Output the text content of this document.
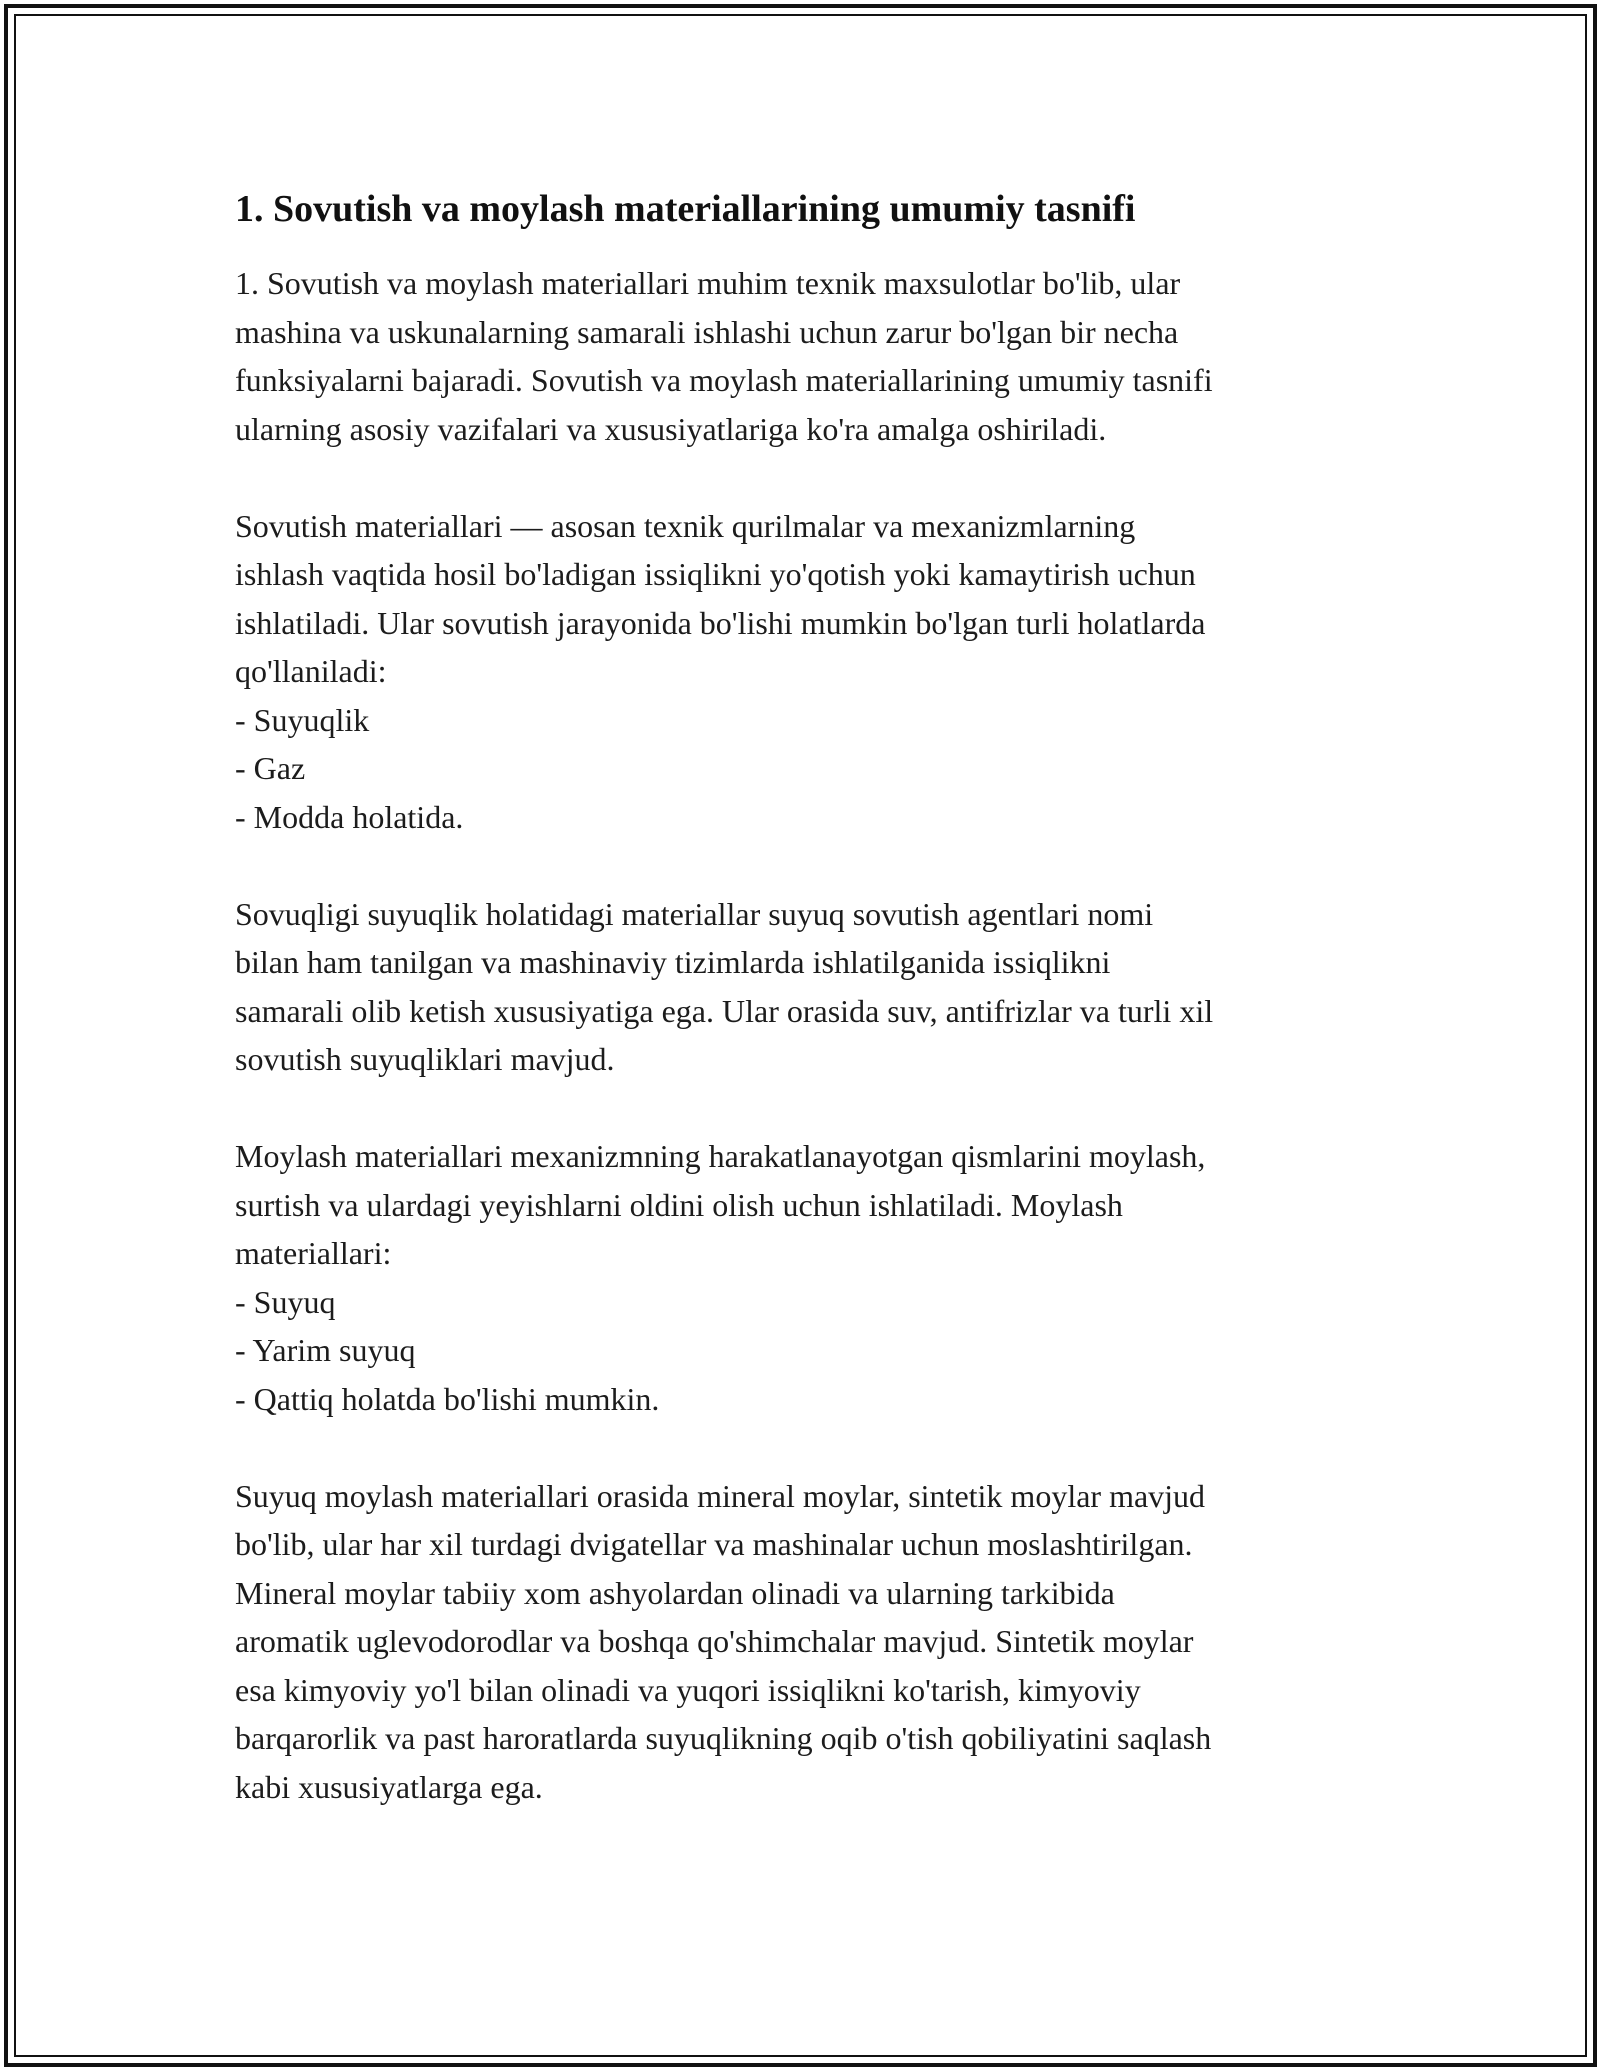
1. Sovutish va moylash materiallarining umumiy tasnifi

1. Sovutish va moylash materiallari muhim texnik maxsulotlar bo'lib, ular
mashina va uskunalarning samarali ishlashi uchun zarur bo'lgan bir necha
funksiyalarni bajaradi. Sovutish va moylash materiallarining umumiy tasnifi
ularning asosiy vazifalari va xususiyatlariga ko'ra amalga oshiriladi.

Sovutish materiallari — asosan texnik qurilmalar va mexanizmlarning
ishlash vaqtida hosil bo'ladigan issiqlikni yo'qotish yoki kamaytirish uchun
ishlatiladi. Ular sovutish jarayonida bo'lishi mumkin bo'lgan turli holatlarda
qo'llaniladi:
- Suyuqlik
- Gaz
- Modda holatida.

Sovuqligi suyuqlik holatidagi materiallar suyuq sovutish agentlari nomi
bilan ham tanilgan va mashinaviy tizimlarda ishlatilganida issiqlikni
samarali olib ketish xususiyatiga ega. Ular orasida suv, antifrizlar va turli xil
sovutish suyuqliklari mavjud.

Moylash materiallari mexanizmning harakatlanayotgan qismlarini moylash,
surtish va ulardagi yeyishlarni oldini olish uchun ishlatiladi. Moylash
materiallari:
- Suyuq
- Yarim suyuq
- Qattiq holatda bo'lishi mumkin.

Suyuq moylash materiallari orasida mineral moylar, sintetik moylar mavjud
bo'lib, ular har xil turdagi dvigatellar va mashinalar uchun moslashtirilgan.
Mineral moylar tabiiy xom ashyolardan olinadi va ularning tarkibida
aromatik uglevodorodlar va boshqa qo'shimchalar mavjud. Sintetik moylar
esa kimyoviy yo'l bilan olinadi va yuqori issiqlikni ko'tarish, kimyoviy
barqarorlik va past haroratlarda suyuqlikning oqib o'tish qobiliyatini saqlash
kabi xususiyatlarga ega.
